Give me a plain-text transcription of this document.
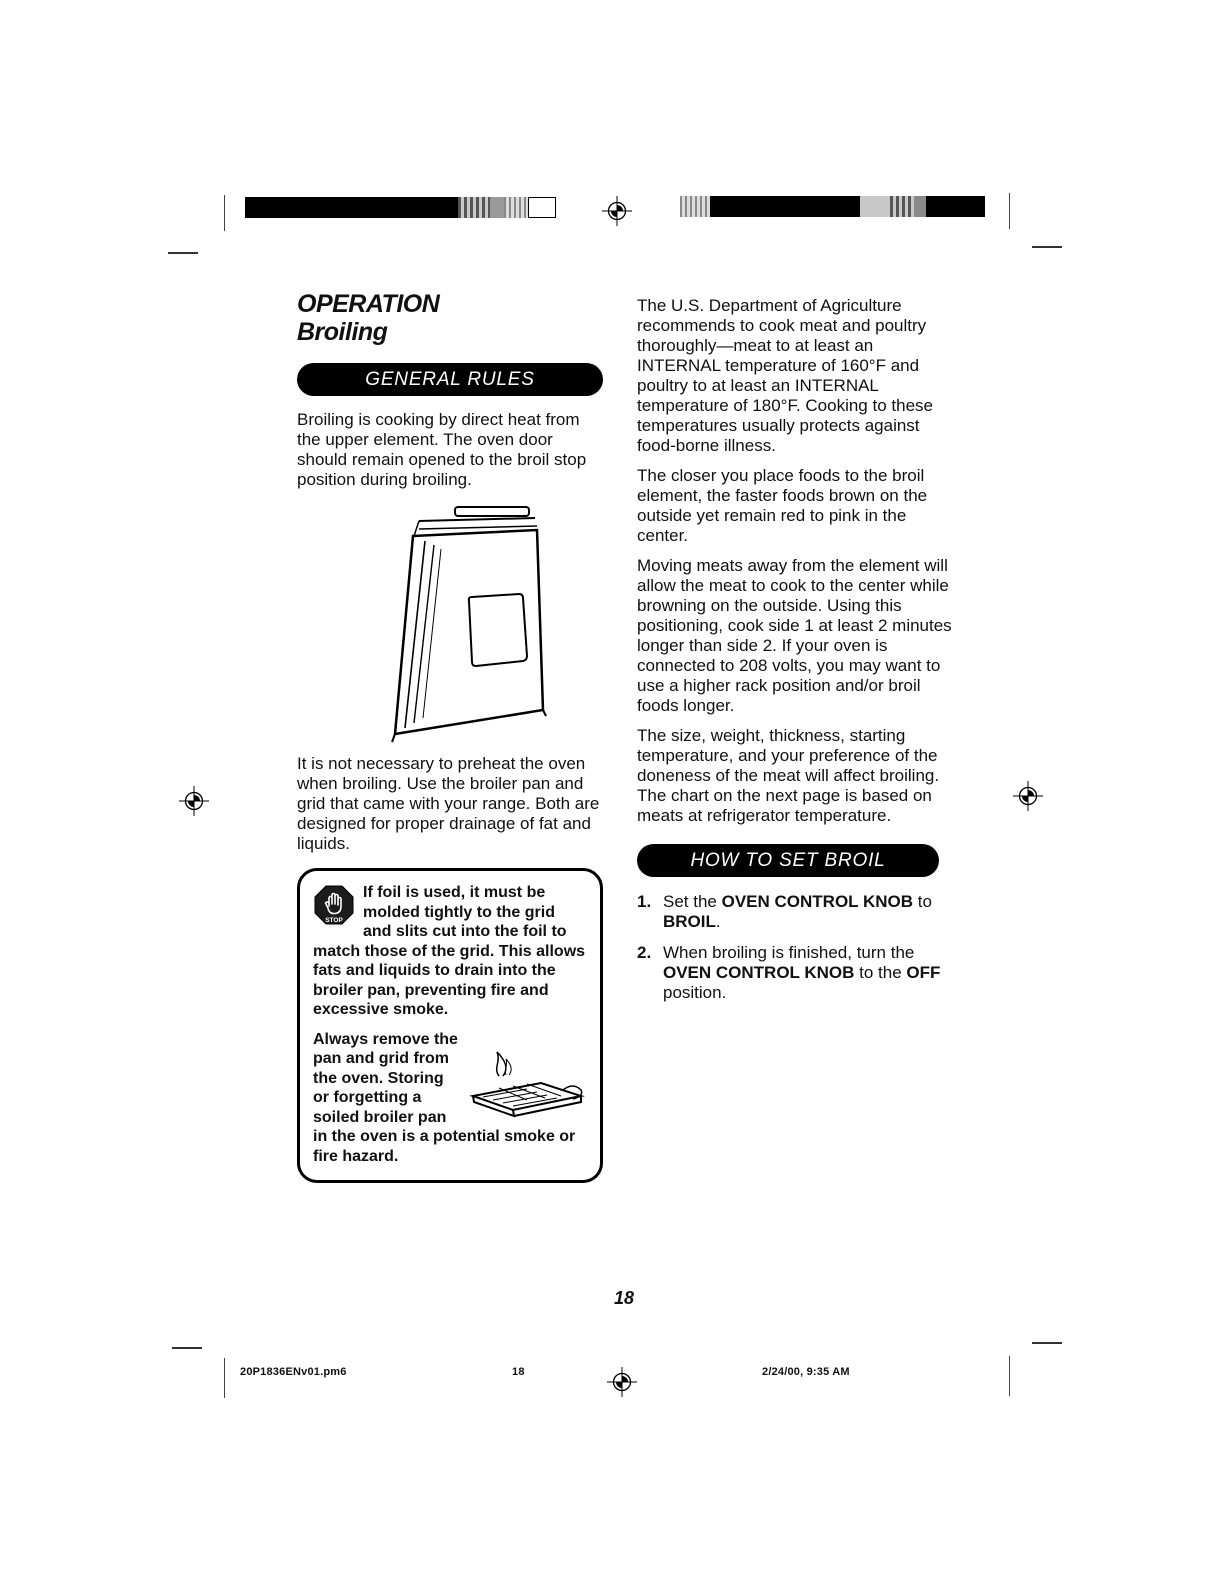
OPERATION
Broiling
GENERAL RULES

Broiling is cooking by direct heat from the upper element. The oven door should remain opened to the broil stop position during broiling.

It is not necessary to preheat the oven when broiling. Use the broiler pan and grid that came with your range. Both are designed for proper drainage of fat and liquids.

STOP
If foil is used, it must be molded tightly to the grid and slits cut into the foil to match those of the grid. This allows fats and liquids to drain into the broiler pan, preventing fire and excessive smoke.
Always remove the pan and grid from the oven. Storing or forgetting a soiled broiler pan in the oven is a potential smoke or fire hazard.

The U.S. Department of Agriculture recommends to cook meat and poultry thoroughly—meat to at least an INTERNAL temperature of 160°F and poultry to at least an INTERNAL temperature of 180°F. Cooking to these temperatures usually protects against food-borne illness.

The closer you place foods to the broil element, the faster foods brown on the outside yet remain red to pink in the center.

Moving meats away from the element will allow the meat to cook to the center while browning on the outside. Using this positioning, cook side 1 at least 2 minutes longer than side 2. If your oven is connected to 208 volts, you may want to use a higher rack position and/or broil foods longer.

The size, weight, thickness, starting temperature, and your preference of the doneness of the meat will affect broiling. The chart on the next page is based on meats at refrigerator temperature.

HOW TO SET BROIL
1. Set the OVEN CONTROL KNOB to BROIL.
2. When broiling is finished, turn the OVEN CONTROL KNOB to the OFF position.
18
20P1836ENv01.pm6	18	2/24/00, 9:35 AM
